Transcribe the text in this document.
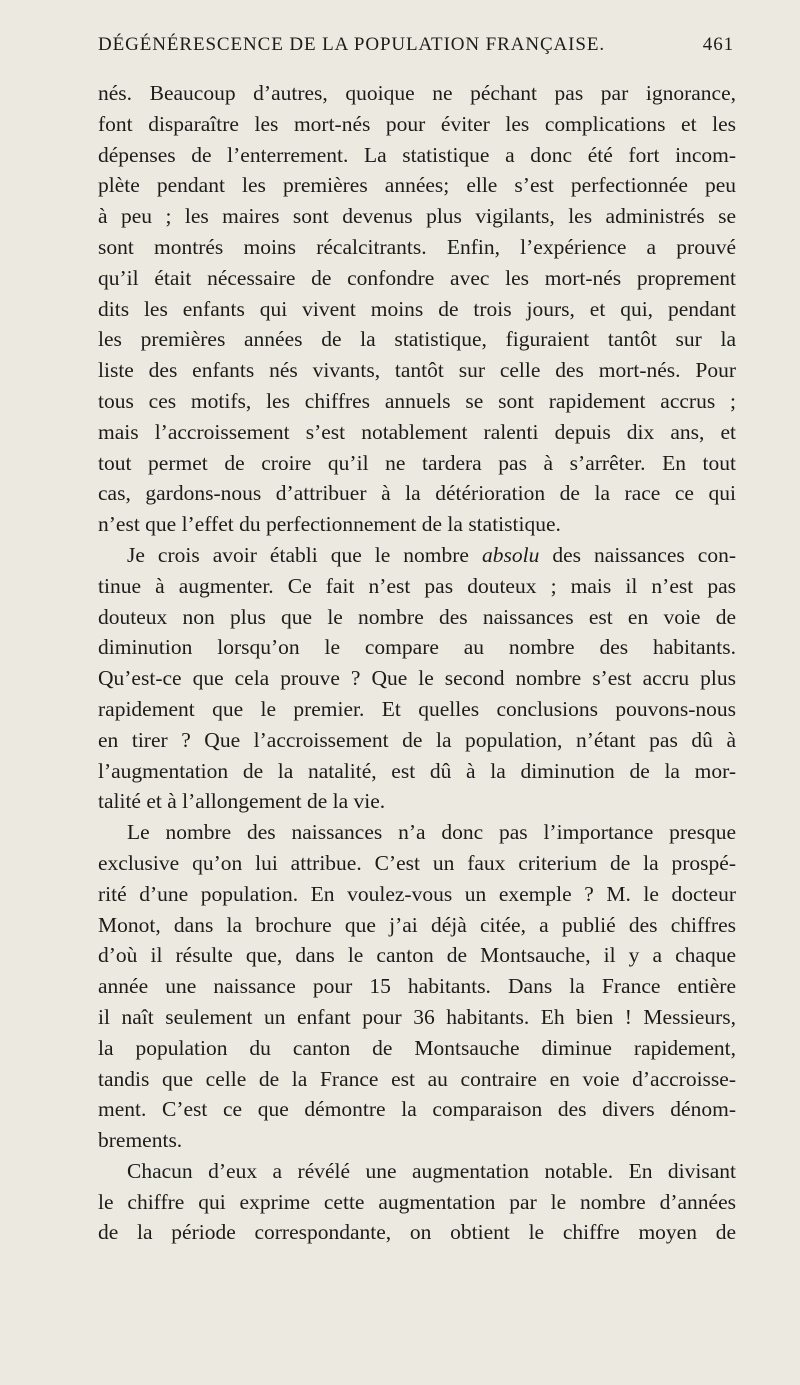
DÉGÉNÉRESCENCE DE LA POPULATION FRANÇAISE.	461
nés. Beaucoup d’autres, quoique ne péchant pas par ignorance,
font disparaître les mort-nés pour éviter les complications et les
dépenses de l’enterrement. La statistique a donc été fort incom-
plète pendant les premières années; elle s’est perfectionnée peu
à peu ; les maires sont devenus plus vigilants, les administrés se
sont montrés moins récalcitrants. Enfin, l’expérience a prouvé
qu’il était nécessaire de confondre avec les mort-nés proprement
dits les enfants qui vivent moins de trois jours, et qui, pendant
les premières années de la statistique, figuraient tantôt sur la
liste des enfants nés vivants, tantôt sur celle des mort-nés. Pour
tous ces motifs, les chiffres annuels se sont rapidement accrus ;
mais l’accroissement s’est notablement ralenti depuis dix ans, et
tout permet de croire qu’il ne tardera pas à s’arrêter. En tout
cas, gardons-nous d’attribuer à la détérioration de la race ce qui
n’est que l’effet du perfectionnement de la statistique.
Je crois avoir établi que le nombre absolu des naissances con-
tinue à augmenter. Ce fait n’est pas douteux ; mais il n’est pas
douteux non plus que le nombre des naissances est en voie de
diminution lorsqu’on le compare au nombre des habitants.
Qu’est-ce que cela prouve ? Que le second nombre s’est accru plus
rapidement que le premier. Et quelles conclusions pouvons-nous
en tirer ? Que l’accroissement de la population, n’étant pas dû à
l’augmentation de la natalité, est dû à la diminution de la mor-
talité et à l’allongement de la vie.
Le nombre des naissances n’a donc pas l’importance presque
exclusive qu’on lui attribue. C’est un faux criterium de la prospé-
rité d’une population. En voulez-vous un exemple ? M. le docteur
Monot, dans la brochure que j’ai déjà citée, a publié des chiffres
d’où il résulte que, dans le canton de Montsauche, il y a chaque
année une naissance pour 15 habitants. Dans la France entière
il naît seulement un enfant pour 36 habitants. Eh bien ! Messieurs,
la population du canton de Montsauche diminue rapidement,
tandis que celle de la France est au contraire en voie d’accroisse-
ment. C’est ce que démontre la comparaison des divers dénom-
brements.
Chacun d’eux a révélé une augmentation notable. En divisant
le chiffre qui exprime cette augmentation par le nombre d’années
de la période correspondante, on obtient le chiffre moyen de
